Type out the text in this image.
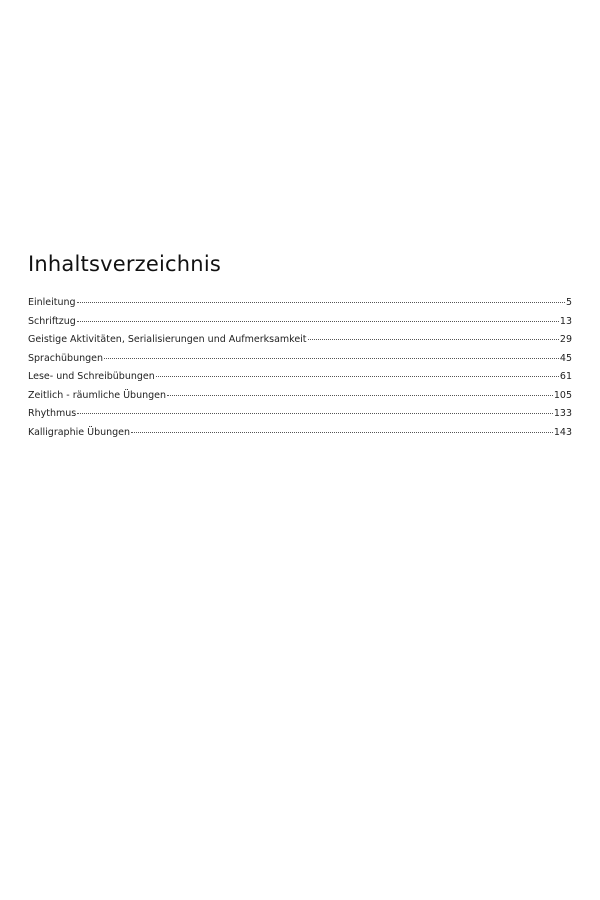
Inhaltsverzeichnis
Einleitung	5
Schriftzug	13
Geistige Aktivitäten, Serialisierungen und Aufmerksamkeit	29
Sprachübungen	45
Lese- und Schreibübungen	61
Zeitlich - räumliche Übungen	105
Rhythmus	133
Kalligraphie Übungen	143
